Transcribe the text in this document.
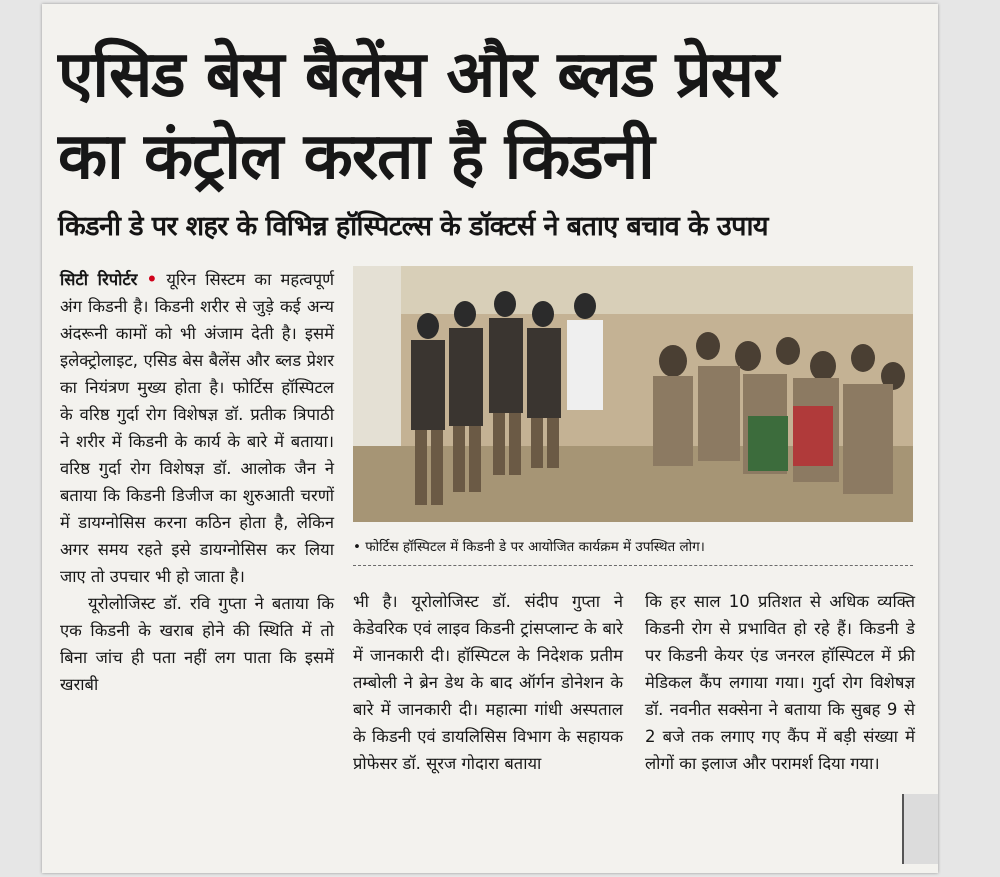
एसिड बेस बैलेंस और ब्लड प्रेसर
का कंट्रोल करता है किडनी
किडनी डे पर शहर के विभिन्न हॉस्पिटल्स के डॉक्टर्स ने बताए बचाव के उपाय

सिटी रिपोर्टर • यूरिन सिस्टम का महत्वपूर्ण अंग किडनी है। किडनी शरीर से जुड़े कई अन्य अंदरूनी कामों को भी अंजाम देती है। इसमें इलेक्ट्रोलाइट, एसिड बेस बैलेंस और ब्लड प्रेशर का नियंत्रण मुख्य होता है। फोर्टिस हॉस्पिटल के वरिष्ठ गुर्दा रोग विशेषज्ञ डॉ. प्रतीक त्रिपाठी ने शरीर में किडनी के कार्य के बारे में बताया। वरिष्ठ गुर्दा रोग विशेषज्ञ डॉ. आलोक जैन ने बताया कि किडनी डिजीज का शुरुआती चरणों में डायग्नोसिस करना कठिन होता है, लेकिन अगर समय रहते इसे डायग्नोसिस कर लिया जाए तो उपचार भी हो जाता है।

यूरोलोजिस्ट डॉ. रवि गुप्ता ने बताया कि एक किडनी के खराब होने की स्थिति में तो बिना जांच ही पता नहीं लग पाता कि इसमें खराबी

• फोर्टिस हॉस्पिटल में किडनी डे पर आयोजित कार्यक्रम में उपस्थित लोग।

भी है। यूरोलोजिस्ट डॉ. संदीप गुप्ता ने केडेवरिक एवं लाइव किडनी ट्रांसप्लान्ट के बारे में जानकारी दी। हॉस्पिटल के निदेशक प्रतीम तम्बोली ने ब्रेन डेथ के बाद ऑर्गन डोनेशन के बारे में जानकारी दी। महात्मा गांधी अस्पताल के किडनी एवं डायलिसिस विभाग के सहायक प्रोफेसर डॉ. सूरज गोदारा बताया

कि हर साल 10 प्रतिशत से अधिक व्यक्ति किडनी रोग से प्रभावित हो रहे हैं। किडनी डे पर किडनी केयर एंड जनरल हॉस्पिटल में फ्री मेडिकल कैंप लगाया गया। गुर्दा रोग विशेषज्ञ डॉ. नवनीत सक्सेना ने बताया कि सुबह 9 से 2 बजे तक लगाए गए कैंप में बड़ी संख्या में लोगों का इलाज और परामर्श दिया गया।
